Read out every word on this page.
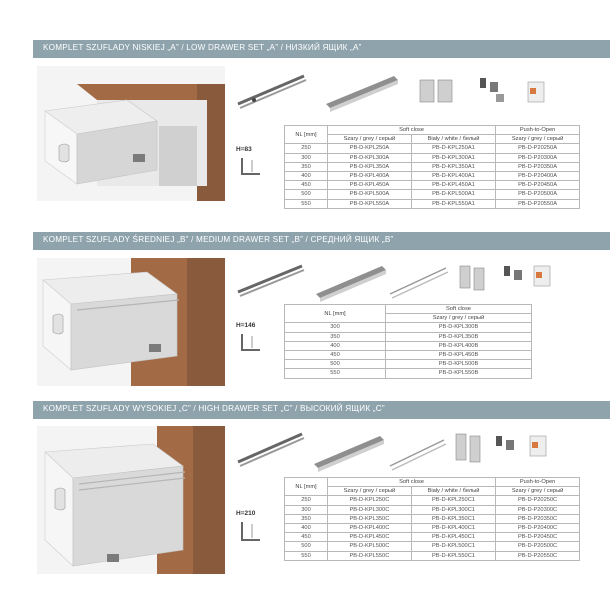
KOMPLET SZUFLADY NISKIEJ „A” / LOW DRAWER SET „A” / НИЗКИЙ ЯЩИК „A”
H=83
NL [mm]	Soft close		Push-to-Open
	Szary / grey / серый	Biały / white / белый	Szary / grey / серый
250	PB-D-KPL250A	PB-D-KPL250A1	PB-D-P20250A
300	PB-D-KPL300A	PB-D-KPL300A1	PB-D-P20300A
350	PB-D-KPL350A	PB-D-KPL350A1	PB-D-P20350A
400	PB-D-KPL400A	PB-D-KPL400A1	PB-D-P20400A
450	PB-D-KPL450A	PB-D-KPL450A1	PB-D-P20450A
500	PB-D-KPL500A	PB-D-KPL500A1	PB-D-P20500A
550	PB-D-KPL550A	PB-D-KPL550A1	PB-D-P20550A
KOMPLET SZUFLADY ŚREDNIEJ „B” / MEDIUM DRAWER SET „B” / СРЕДНИЙ ЯЩИК „B”
H=146
NL [mm]	Soft close
	Szary / grey / серый
300	PB-D-KPL300B
350	PB-D-KPL350B
400	PB-D-KPL400B
450	PB-D-KPL450B
500	PB-D-KPL500B
550	PB-D-KPL550B
KOMPLET SZUFLADY WYSOKIEJ „C” / HIGH DRAWER SET „C” / ВЫСОКИЙ ЯЩИК „C”
H=210
NL [mm]	Soft close		Push-to-Open
	Szary / grey / серый	Biały / white / белый	Szary / grey / серый
250	PB-D-KPL250C	PB-D-KPL250C1	PB-D-P20250C
300	PB-D-KPL300C	PB-D-KPL300C1	PB-D-P20300C
350	PB-D-KPL350C	PB-D-KPL350C1	PB-D-P20350C
400	PB-D-KPL400C	PB-D-KPL400C1	PB-D-P20400C
450	PB-D-KPL450C	PB-D-KPL450C1	PB-D-P20450C
500	PB-D-KPL500C	PB-D-KPL500C1	PB-D-P20500C
550	PB-D-KPL550C	PB-D-KPL550C1	PB-D-P20550C
